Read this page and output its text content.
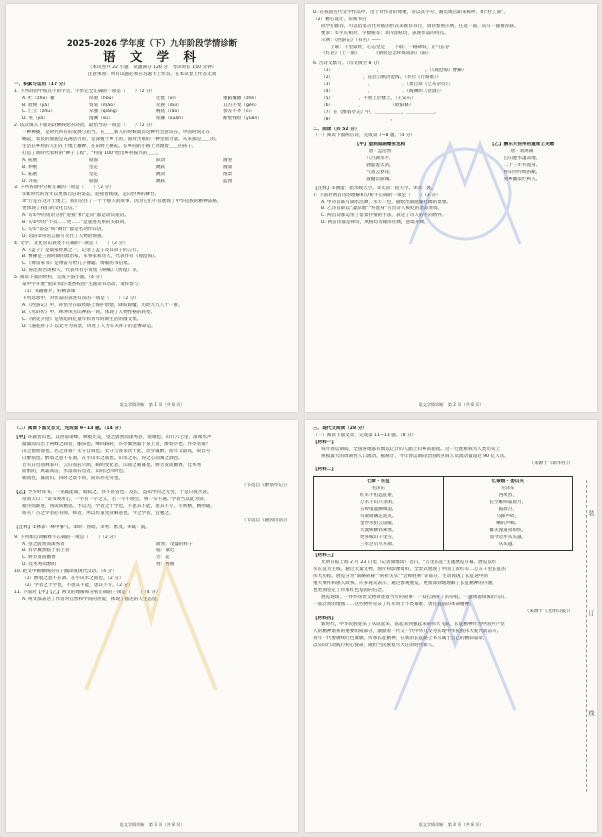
2025-2026 学年度（下）九年阶段学情诊断
语 文 学 科
（本试卷共 22 小题　试题满分 120 分　考试时长 150 分钟）
注意事项：所有试题必须在答题卡上作答，在本试卷上作答无效
一、积累与运用（17 分）
1. 下列词语中加点字的字音、字形完全正确的一项是（　　）（2 分）
A. 贮（zhù）蓄	厚重（hòu）	迁徙（xǐ）	重蹈覆辙（zhé）
B. 脸颊（jiá）	贸易（mào）	兑换（duì）	亘古不变（gèn）
C. 伫立（zhù）	牵强（qiǎng）	缠绕（rào）	参差不齐（cī）
D. 荚（jiá）	漫溯（sù）	炫耀（xuàn）	断壁残垣（yuán）
2. 依次填入下面语段横线处的词语，最恰当的一项是（　　）（2 分）
一种种播，是时代所有的发展与担当。在＿＿新人的时候就有这种社会意识在。中国时尚正在
崛起，农民的面貌是充满活力的，是深植于乡土的，面对苦难的一种坚韧力量，从来都是＿＿的。
生活在乡村的人们在土地上播种，在田野上耕耘，在乡间的小路上奔跑着＿＿的孩子，
打造了新时代农村的“种子工程”，“村南 100”绘出乡村振兴的＿＿。
A. 拓展	稳固	跃动	画卷
B. 伸展	坚定	跳跃	画面
C. 拓展	坚定	跳动	图景
D. 开拓	稳固	跳跃	蓝图
3. 下列各项中分析正确的一项是（　　）（2 分）
①新时代的青年以更加自信的姿态，迎接着挑战，走向世界的舞台。
②“行走在这片土地上，我们记住了一个个感人的故事，因为它们不仅展现了中华民族的精神品格，
更体现了我们的文化自信。”
A. 句①中的短语分别“迎接”和“走向”都是动宾短语。
B. 句②中的“不仅……更……”是递进关系的关联词。
C. 句①“姿态”和“舞台”都是名词作宾语。
D. 语段②用语言描写交代了人物的情感。
4. 文学、文化常识表述不正确的一项是（　　）（2 分）
A.《孟子》是儒家经典之一，记录了孟子及其弟子的言行。
B. 曹操是三国时期的政治家、军事家和诗人，代表作有《观沧海》。
C.《傅雷家书》是傅雷写给儿子傅聪、傅敏的书信集。
D. 鲁迅原名周树人，代表作有小说集《呐喊》《彷徨》等。
5. 阅读下面的材料，完成下面小题。（4 分）
某中学开展“悦读书韵·墨香校园”主题读书活动，请你参与：
（1）书籍推介，好精读课
下列选项中，对作品的表述有误的一项是（　　）（2 分）
A.《西游记》中，孙悟空在取经路上保护唐僧，降妖除魔，历经九九八十一难。
B.《水浒传》中，林冲风雪山神庙一回，体现了人物性格的转变。
C.《朝花夕拾》是鲁迅回忆童年和青年时期生活的散文集。
D.《骆驼祥子》以北平为背景，讲述了人力车夫祥子的悲惨命运。
语文学情诊断　第 1 页（共 8 页）
D. 在我国古代文学作品中，出于对作者的尊重，常以其字号、籍贯或官职来称呼，如“杜工部”。
（2）精心设计，荐阅书目
同学们推荐，可以借鉴古代对联的形式来推荐书目，请你参照示例，任选一部，试写一副推荐联。
要求：①平仄相对，字数相等；②内容贴切，表现作品的特点。
示例：《西游记》（书名）——
　　上联：千里取经，心志坚定　　下联：一路降妖，正气长存
《红岩》（上一联）　　　　《钢铁是怎样炼成的》（联）
6. 古诗文默写。（诗文填空 8 分）
（1）　　　　　　　　　　，　　　　　　　　　　。（《观沧海》曹操）
（2）　　　　　　　，直挂云帆济沧海。（李白《行路难》）
（3）　　　　　　　　，　　　　　　　。（龚自珍《己亥杂诗》）
（4）　　　　　　　　，　　　　　　　。（陶渊明《饮酒》）
（5）　　　　　　，不须上层楼上。（王安石）
（6）　　　　　　，　　　　　　　（欧阳修）
（7）在《醉翁亭记》中，＿＿＿＿＿＿，＿＿＿＿＿＿。
（8）　　　　　　　　　　　　　。
二、阅读（共 52 分）
（一）阅读下面两首诗，完成第 7~8 题。（4 分）
【甲】望洞庭湖赠张丞相
唐 · 孟浩然
八月湖水平，
涵虚混太清。
气蒸云梦泽，
波撼岳阳城。
【乙】酬乐天扬州初逢席上见赠
唐 · 刘禹锡
巴山楚水凄凉地，
二十三年弃置身。
怀旧空吟闻笛赋，
到乡翻似烂柯人。
【注释】①涵虚：指水映天空。②太清：指天空。③济：渡。
7. 下面对两首诗的理解和分析不正确的一项是（　　）（3 分）
A. 甲诗首联写湖水浩渺，水天一色，描绘出洞庭湖壮阔的景象。
B. 乙诗首联以“凄凉地”“弃置身”写出诗人被贬的悲凉处境。
C. 两首诗都运用了借景抒情的手法，表达了诗人的不同情怀。
D. 两首诗都是律诗，风格均为雄浑壮阔，意境开阔。
语文学情诊断　第 2 页（共 8 页）
（二）阅读下面文言文，完成第 9~13 题。（14 分）
【甲】环滁皆山也。其西南诸峰，林壑尤美，望之蔚然而深秀者，琅琊也。山行六七里，渐闻水声
潺潺而泻出于两峰之间者，酿泉也。峰回路转，有亭翼然临于泉上者，醉翁亭也。作亭者谁？
山之僧智仙也。名之者谁？太守自谓也。太守与客来饮于此，饮少辄醉，而年又最高，故自号
曰醉翁也。醉翁之意不在酒，在乎山水之间也。山水之乐，得之心而寓之酒也。
若夫日出而林霏开，云归而岩穴暝，晦明变化者，山间之朝暮也。野芳发而幽香，佳木秀
而繁阴，风霜高洁，水落而石出者，山间之四时也。
朝而往，暮而归，四时之景不同，而乐亦无穷也。
（节选自《醉翁亭记》）
【乙】予少时读书，一见辄能诵，暗疏之，亦不甚省也。及长，益知学问之无穷，于是日夜苦读。
常谓人曰：“读书须用心，一字有一字之义，若一字不理会，则一句不通。”学者当以此为训，
循序而渐进，熟读而精思。予以为，学者之于学也，不患其不能，患其不专。专则精，精则通。
嗟夫！古之学者必有师，师者，所以传道受业解惑也。今之学者，宜勉之。
（节选自《随园诗话》）
【注释】①林霏：林中雾气。②暝：昏暗。③秀：繁茂。④辄：就。
9. 下列加点词解释不正确的一项是（　　）（2 分）
A. 望之蔚然而深秀者	蔚然：茂盛的样子
B. 有亭翼然临于泉上者	临：靠近
C. 野芳发而幽香	芳：花
D. 佳木秀而繁阴	秀：秀丽
10. 把文中画横线的句子翻译成现代汉语。（4 分）
（1）醉翁之意不在酒，在乎山水之间也。（2 分）
（2）学者之于学也，不患其不能，患其不专。（2 分）
11. 下面对【甲】【乙】两文的理解和分析正确的一项是（　　）（4 分）
A. 两文都表达了作者对自然和学问的热爱，体现了豁达的人生态度。
语文学情诊断　第 3 页（共 8 页）
三、现代文阅读（28 分）
（一）阅读下面文章，完成第 11~13 题。（8 分）
【材料一】
每年春运期间，全国各地都有数以亿计的人踏上归乡的旅程。这一迁徙被称为人类历史上
规模最大的周期性人口流动。据统计，今年春运期间全国跨区域人员流动量超过 90 亿人次。
（来源于《新华社》）
【材料二】
七律 · 长征
毛泽东
红军不怕远征难，
万水千山只等闲。
五岭逶迤腾细浪，
乌蒙磅礴走泥丸。
金沙水拍云崖暖，
大渡桥横铁索寒。
更喜岷山千里雪，
三军过后尽开颜。
忆秦娥 · 娄山关
毛泽东
西风烈，
长空雁叫霜晨月。
霜晨月，
马蹄声碎，
喇叭声咽。
雄关漫道真如铁，
而今迈步从头越。
从头越，
【材料三】
光明日报上海 2 月 23 日电（记者颜维琦）近日，“万里长征”主题展览开幕，展览以红
军长征为主线，通过大量文物、图片和影像资料，全景式展现了中国工农红军二万五千里长征的
伟大历程。展览分为“战略转移”“转折关头”“会师胜利”等部分，生动再现了长征途中的
重大事件和感人故事。许多观众表示，通过参观展览，更加深刻地理解了长征精神的内涵，
也更加坚定了传承红色基因的信念。
展览现场，一件件珍贵文物讲述着当年的故事：一双打满补丁的草鞋、一盏锈迹斑斑的马灯、
一张泛黄的地图……这些物件见证了红军将士不畏艰难、勇往直前的革命精神。
（来源于《光明日报》）
【材料四】
新时代，中华民族迎来了从站起来、富起来到强起来的伟大飞跃。长征精神作为中国共产党
人的精神谱系的重要组成部分，激励着一代又一代中华儿女为实现中华民族伟大复兴而奋斗。
青年一代要赓续红色血脉，传承长征精神，在新的长征路上书写属于自己的精彩篇章，
以实际行动践行初心使命，做担当民族复兴大任的时代新人。
装
订
线
语文学情诊断　第 4 页（共 8 页）
